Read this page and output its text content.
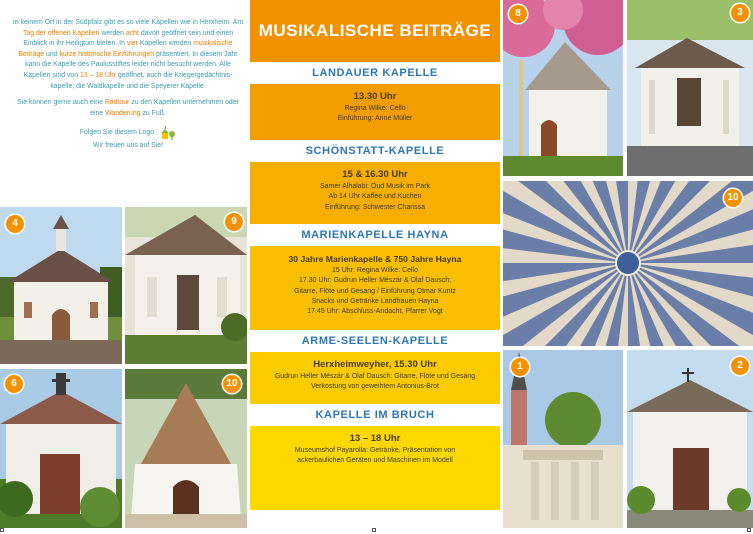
In keinem Ort in der Südpfalz gibt es so viele Kapellen wie in Herxheim. Am Tag der offenen Kapellen werden acht davon geöffnet sein und einen Einblick in ihr Heiligtum bieten. In vier Kapellen werden musikalische Beiträge und kurze historische Einführungen präsentiert. In diesem Jahr kann die Kapelle des Paulusstiftes leider nicht besucht werden. Alle Kapellen sind von 13 – 18 Uhr geöffnet, auch die Kriegergedächtnis-kapelle, die Waldkapelle und die Speyerer Kapelle.

Sie können gerne auch eine Radtour zu den Kapellen unternehmen oder eine Wanderung zu Fuß.

Folgen Sie diesem Logo

Wir freuen uns auf Sie!

4	9
6	10
MUSIKALISCHE BEITRÄGE
LANDAUER KAPELLE
13.30 Uhr
Regina Wilke: Cello
Einführung: Anne Müller
SCHÖNSTATT-KAPELLE
15 & 16.30 Uhr
Samer Alhalabi: Oud Musik im Park
Ab 14 Uhr Kaffee und Kuchen
Einführung: Schwester Charissa
MARIENKAPELLE HAYNA
30 Jahre Marienkapelle & 750 Jahre Hayna
15 Uhr: Regina Wilke: Cello
17.30 Uhr: Gudrun Heller Mészár & Olaf Dausch;
Gitarre, Flöte und Gesang / Einführung Otmar Kuntz
Snacks und Getränke Landfrauen Hayna
17.45 Uhr: Abschluss-Andacht, Pfarrer Vogt
ARME-SEELEN-KAPELLE
Herxheimweyher, 15.30 Uhr
Gudrun Heller Mészár & Olaf Dausch: Gitarre, Flöte und Gesang
Verkostung von geweihtem Antonius-Brot
KAPELLE IM BRUCH
13 – 18 Uhr
Museumshof Payarolla: Getränke, Präsentation von
ackerbaulichen Geräten und Maschinen im Modell
8	3
10
1	2
